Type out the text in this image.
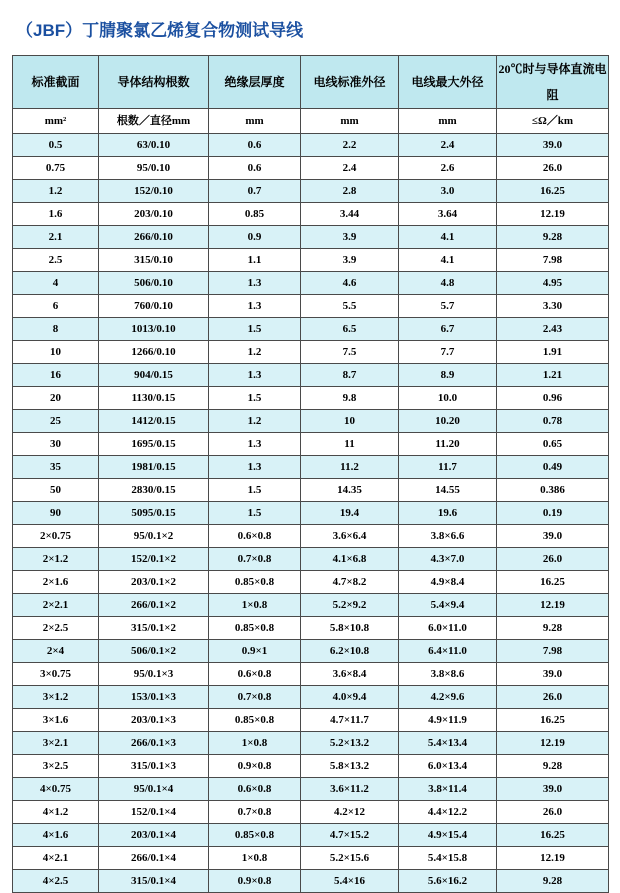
（JBF）丁腈聚氯乙烯复合物测试导线
标准截面	导体结构根数	绝缘层厚度	电线标准外径	电线最大外径	20℃时与导体直流电阻
mm²	根数／直径mm	mm	mm	mm	≤Ω／km
0.5	63/0.10	0.6	2.2	2.4	39.0
0.75	95/0.10	0.6	2.4	2.6	26.0
1.2	152/0.10	0.7	2.8	3.0	16.25
1.6	203/0.10	0.85	3.44	3.64	12.19
2.1	266/0.10	0.9	3.9	4.1	9.28
2.5	315/0.10	1.1	3.9	4.1	7.98
4	506/0.10	1.3	4.6	4.8	4.95
6	760/0.10	1.3	5.5	5.7	3.30
8	1013/0.10	1.5	6.5	6.7	2.43
10	1266/0.10	1.2	7.5	7.7	1.91
16	904/0.15	1.3	8.7	8.9	1.21
20	1130/0.15	1.5	9.8	10.0	0.96
25	1412/0.15	1.2	10	10.20	0.78
30	1695/0.15	1.3	11	11.20	0.65
35	1981/0.15	1.3	11.2	11.7	0.49
50	2830/0.15	1.5	14.35	14.55	0.386
90	5095/0.15	1.5	19.4	19.6	0.19
2×0.75	95/0.1×2	0.6×0.8	3.6×6.4	3.8×6.6	39.0
2×1.2	152/0.1×2	0.7×0.8	4.1×6.8	4.3×7.0	26.0
2×1.6	203/0.1×2	0.85×0.8	4.7×8.2	4.9×8.4	16.25
2×2.1	266/0.1×2	1×0.8	5.2×9.2	5.4×9.4	12.19
2×2.5	315/0.1×2	0.85×0.8	5.8×10.8	6.0×11.0	9.28
2×4	506/0.1×2	0.9×1	6.2×10.8	6.4×11.0	7.98
3×0.75	95/0.1×3	0.6×0.8	3.6×8.4	3.8×8.6	39.0
3×1.2	153/0.1×3	0.7×0.8	4.0×9.4	4.2×9.6	26.0
3×1.6	203/0.1×3	0.85×0.8	4.7×11.7	4.9×11.9	16.25
3×2.1	266/0.1×3	1×0.8	5.2×13.2	5.4×13.4	12.19
3×2.5	315/0.1×3	0.9×0.8	5.8×13.2	6.0×13.4	9.28
4×0.75	95/0.1×4	0.6×0.8	3.6×11.2	3.8×11.4	39.0
4×1.2	152/0.1×4	0.7×0.8	4.2×12	4.4×12.2	26.0
4×1.6	203/0.1×4	0.85×0.8	4.7×15.2	4.9×15.4	16.25
4×2.1	266/0.1×4	1×0.8	5.2×15.6	5.4×15.8	12.19
4×2.5	315/0.1×4	0.9×0.8	5.4×16	5.6×16.2	9.28
